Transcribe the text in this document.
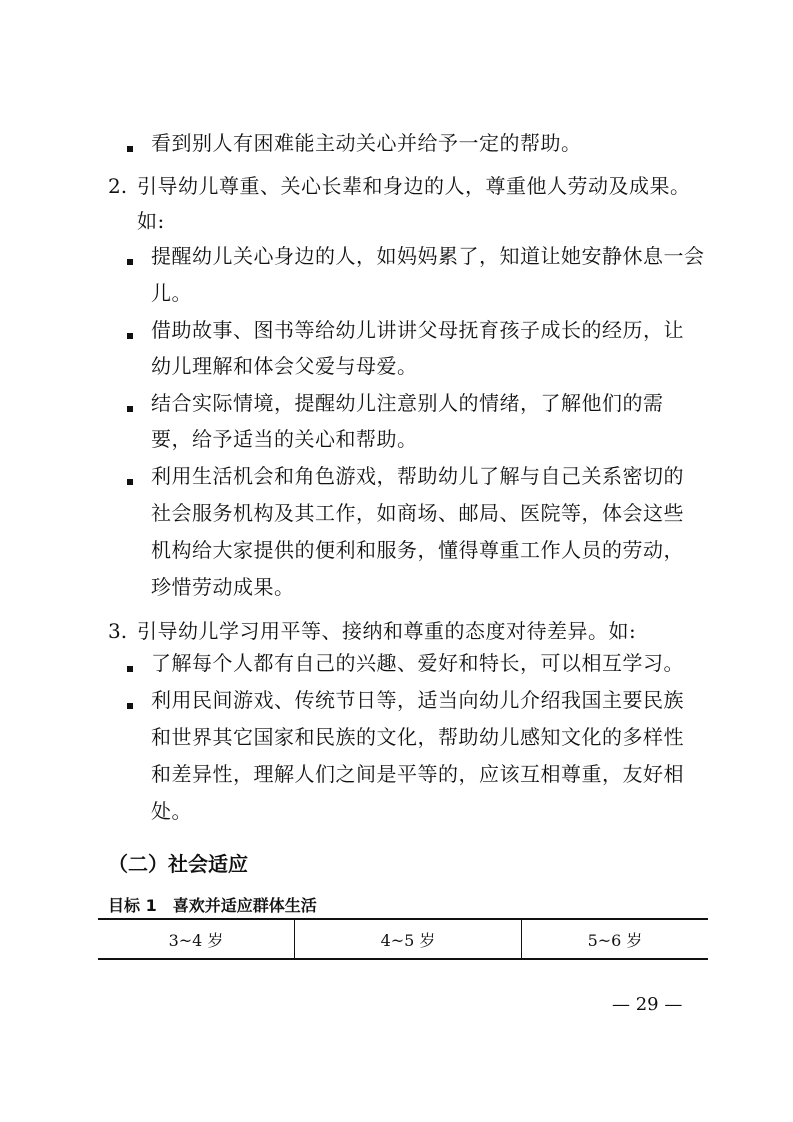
看到别人有困难能主动关心并给予一定的帮助。
2. 引导幼儿尊重、关心长辈和身边的人，尊重他人劳动及成果。
如:
提醒幼儿关心身边的人，如妈妈累了，知道让她安静休息一会
儿。
借助故事、图书等给幼儿讲讲父母抚育孩子成长的经历，让
幼儿理解和体会父爱与母爱。
结合实际情境，提醒幼儿注意别人的情绪，了解他们的需
要，给予适当的关心和帮助。
利用生活机会和角色游戏，帮助幼儿了解与自己关系密切的
社会服务机构及其工作，如商场、邮局、医院等，体会这些
机构给大家提供的便利和服务，懂得尊重工作人员的劳动，
珍惜劳动成果。
3. 引导幼儿学习用平等、接纳和尊重的态度对待差异。如:
了解每个人都有自己的兴趣、爱好和特长，可以相互学习。
利用民间游戏、传统节日等，适当向幼儿介绍我国主要民族
和世界其它国家和民族的文化，帮助幼儿感知文化的多样性
和差异性，理解人们之间是平等的，应该互相尊重，友好相
处。
（二）社会适应
目标 1 喜欢并适应群体生活
3~4 岁	4~5 岁	5~6 岁
— 29 —
